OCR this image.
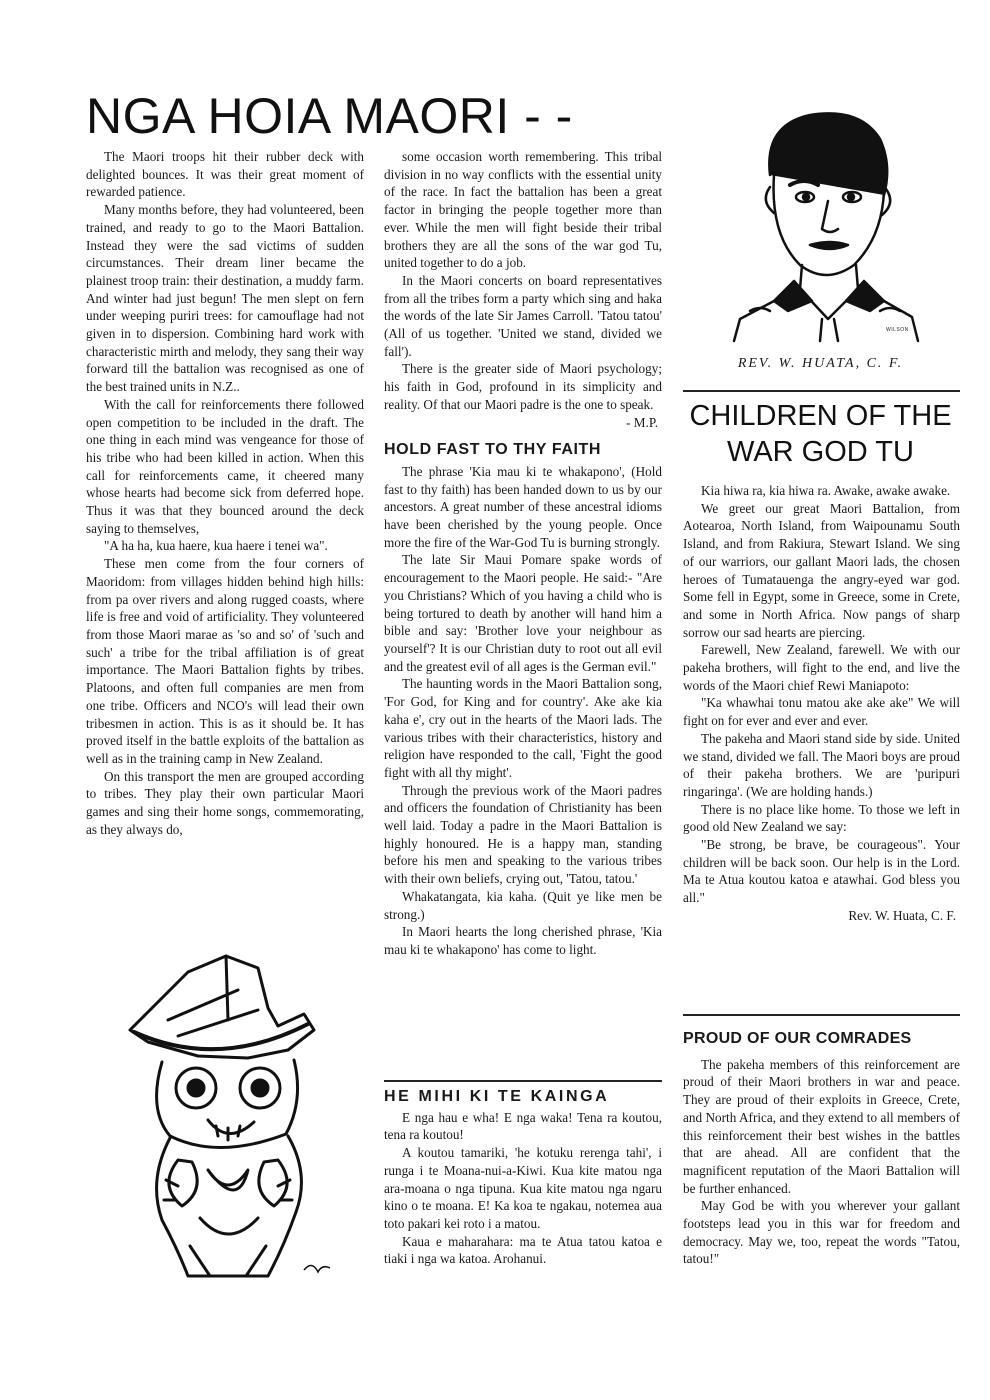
NGA HOIA MAORI - -

The Maori troops hit their rubber deck with delighted bounces. It was their great moment of rewarded patience.

Many months before, they had volunteered, been trained, and ready to go to the Maori Battalion. Instead they were the sad victims of sudden circumstances. Their dream liner became the plainest troop train: their destination, a muddy farm. And winter had just begun! The men slept on fern under weeping puriri trees: for camouflage had not given in to dispersion. Combining hard work with characteristic mirth and melody, they sang their way forward till the battalion was recognised as one of the best trained units in N.Z..

With the call for reinforcements there followed open competition to be included in the draft. The one thing in each mind was vengeance for those of his tribe who had been killed in action. When this call for reinforcements came, it cheered many whose hearts had become sick from deferred hope. Thus it was that they bounced around the deck saying to themselves,

"A ha ha, kua haere, kua haere i tenei wa".

These men come from the four corners of Maoridom: from villages hidden behind high hills: from pa over rivers and along rugged coasts, where life is free and void of artificiality. They volunteered from those Maori marae as 'so and so' of 'such and such' a tribe for the tribal affiliation is of great importance. The Maori Battalion fights by tribes. Platoons, and often full companies are men from one tribe. Officers and NCO's will lead their own tribesmen in action. This is as it should be. It has proved itself in the battle exploits of the battalion as well as in the training camp in New Zealand.

On this transport the men are grouped according to tribes. They play their own particular Maori games and sing their home songs, commemorating, as they always do,

some occasion worth remembering. This tribal division in no way conflicts with the essential unity of the race. In fact the battalion has been a great factor in bringing the people together more than ever. While the men will fight beside their tribal brothers they are all the sons of the war god Tu, united together to do a job.

In the Maori concerts on board representatives from all the tribes form a party which sing and haka the words of the late Sir James Carroll. 'Tatou tatou' (All of us together. 'United we stand, divided we fall').

There is the greater side of Maori psychology; his faith in God, profound in its simplicity and reality. Of that our Maori padre is the one to speak.

- M.P.
HOLD FAST TO THY FAITH

The phrase 'Kia mau ki te whakapono', (Hold fast to thy faith) has been handed down to us by our ancestors. A great number of these ancestral idioms have been cherished by the young people. Once more the fire of the War-God Tu is burning strongly.

The late Sir Maui Pomare spake words of encouragement to the Maori people. He said:- "Are you Christians? Which of you having a child who is being tortured to death by another will hand him a bible and say: 'Brother love your neighbour as yourself'? It is our Christian duty to root out all evil and the greatest evil of all ages is the German evil."

The haunting words in the Maori Battalion song, 'For God, for King and for country'. Ake ake kia kaha e', cry out in the hearts of the Maori lads. The various tribes with their characteristics, history and religion have responded to the call, 'Fight the good fight with all thy might'.

Through the previous work of the Maori padres and officers the foundation of Christianity has been well laid. Today a padre in the Maori Battalion is highly honoured. He is a happy man, standing before his men and speaking to the various tribes with their own beliefs, crying out, 'Tatou, tatou.'

Whakatangata, kia kaha. (Quit ye like men be strong.)

In Maori hearts the long cherished phrase, 'Kia mau ki te whakapono' has come to light.

HE MIHI KI TE KAINGA

E nga hau e wha! E nga waka! Tena ra koutou, tena ra koutou!

A koutou tamariki, 'he kotuku rerenga tahi', i runga i te Moana-nui-a-Kiwi. Kua kite matou nga ara-moana o nga tipuna. Kua kite matou nga ngaru kino o te moana. E! Ka koa te ngakau, notemea aua toto pakari kei roto i a matou.

Kaua e maharahara: ma te Atua tatou katoa e tiaki i nga wa katoa. Arohanui.

WILSON
REV. W. HUATA, C. F.
CHILDREN OF THE
WAR GOD TU

Kia hiwa ra, kia hiwa ra. Awake, awake awake.

We greet our great Maori Battalion, from Aotearoa, North Island, from Waipounamu South Island, and from Rakiura, Stewart Island. We sing of our warriors, our gallant Maori lads, the chosen heroes of Tumatauenga the angry-eyed war god. Some fell in Egypt, some in Greece, some in Crete, and some in North Africa. Now pangs of sharp sorrow our sad hearts are piercing.

Farewell, New Zealand, farewell. We with our pakeha brothers, will fight to the end, and live the words of the Maori chief Rewi Maniapoto:

"Ka whawhai tonu matou ake ake ake" We will fight on for ever and ever and ever.

The pakeha and Maori stand side by side. United we stand, divided we fall. The Maori boys are proud of their pakeha brothers. We are 'puripuri ringaringa'. (We are holding hands.)

There is no place like home. To those we left in good old New Zealand we say:

"Be strong, be brave, be courageous". Your children will be back soon. Our help is in the Lord. Ma te Atua koutou katoa e atawhai. God bless you all."

Rev. W. Huata, C. F.
PROUD OF OUR COMRADES

The pakeha members of this reinforcement are proud of their Maori brothers in war and peace. They are proud of their exploits in Greece, Crete, and North Africa, and they extend to all members of this reinforcement their best wishes in the battles that are ahead. All are confident that the magnificent reputation of the Maori Battalion will be further enhanced.

May God be with you wherever your gallant footsteps lead you in this war for freedom and democracy. May we, too, repeat the words "Tatou, tatou!"
